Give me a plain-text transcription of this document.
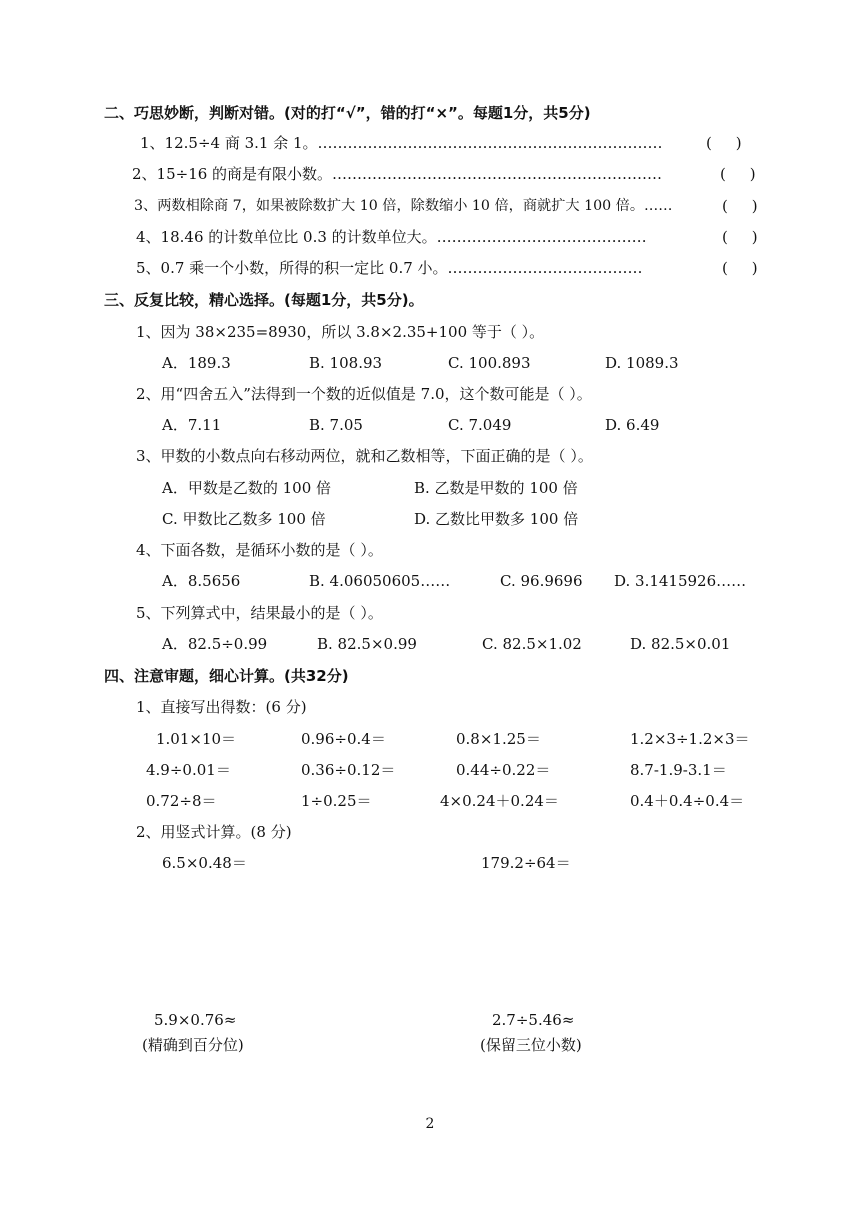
二、巧思妙断，判断对错。(对的打“√”，错的打“×”。每题1分，共5分)
1、12.5÷4 商 3.1 余 1。……………………………………………………………	(     )
2、15÷16 的商是有限小数。…………………………………………………………	(     )
3、两数相除商 7，如果被除数扩大 10 倍，除数缩小 10 倍，商就扩大 100 倍。……	(     )
4、18.46 的计数单位比 0.3 的计数单位大。……………………………………	(     )
5、0.7 乘一个小数，所得的积一定比 0.7 小。…………………………………	(     )
三、反复比较，精心选择。(每题1分，共5分)。
1、因为 38×235=8930，所以 3.8×2.35+100 等于（ ）。
A．189.3	B. 108.93	C. 100.893	D. 1089.3
2、用“四舍五入”法得到一个数的近似值是 7.0，这个数可能是（ ）。
A．7.11	B. 7.05	C. 7.049	D. 6.49
3、甲数的小数点向右移动两位，就和乙数相等，下面正确的是（ ）。
A．甲数是乙数的 100 倍	B. 乙数是甲数的 100 倍
C. 甲数比乙数多 100 倍	D. 乙数比甲数多 100 倍
4、下面各数，是循环小数的是（ ）。
A．8.5656	B. 4.06050605……	C. 96.9696 D. 3.1415926……
5、下列算式中，结果最小的是（ ）。
A．82.5÷0.99	B. 82.5×0.99	C. 82.5×1.02	D. 82.5×0.01
四、注意审题，细心计算。(共32分)
1、直接写出得数：(6 分)
1.01×10＝	0.96÷0.4＝	0.8×1.25＝	1.2×3÷1.2×3＝
4.9÷0.01＝	0.36÷0.12＝	0.44÷0.22＝	8.7-1.9-3.1＝
0.72÷8＝	1÷0.25＝	4×0.24＋0.24＝	0.4＋0.4÷0.4＝
2、用竖式计算。(8 分)
6.5×0.48＝	179.2÷64＝
5.9×0.76≈	2.7÷5.46≈
(精确到百分位)	(保留三位小数)
2
